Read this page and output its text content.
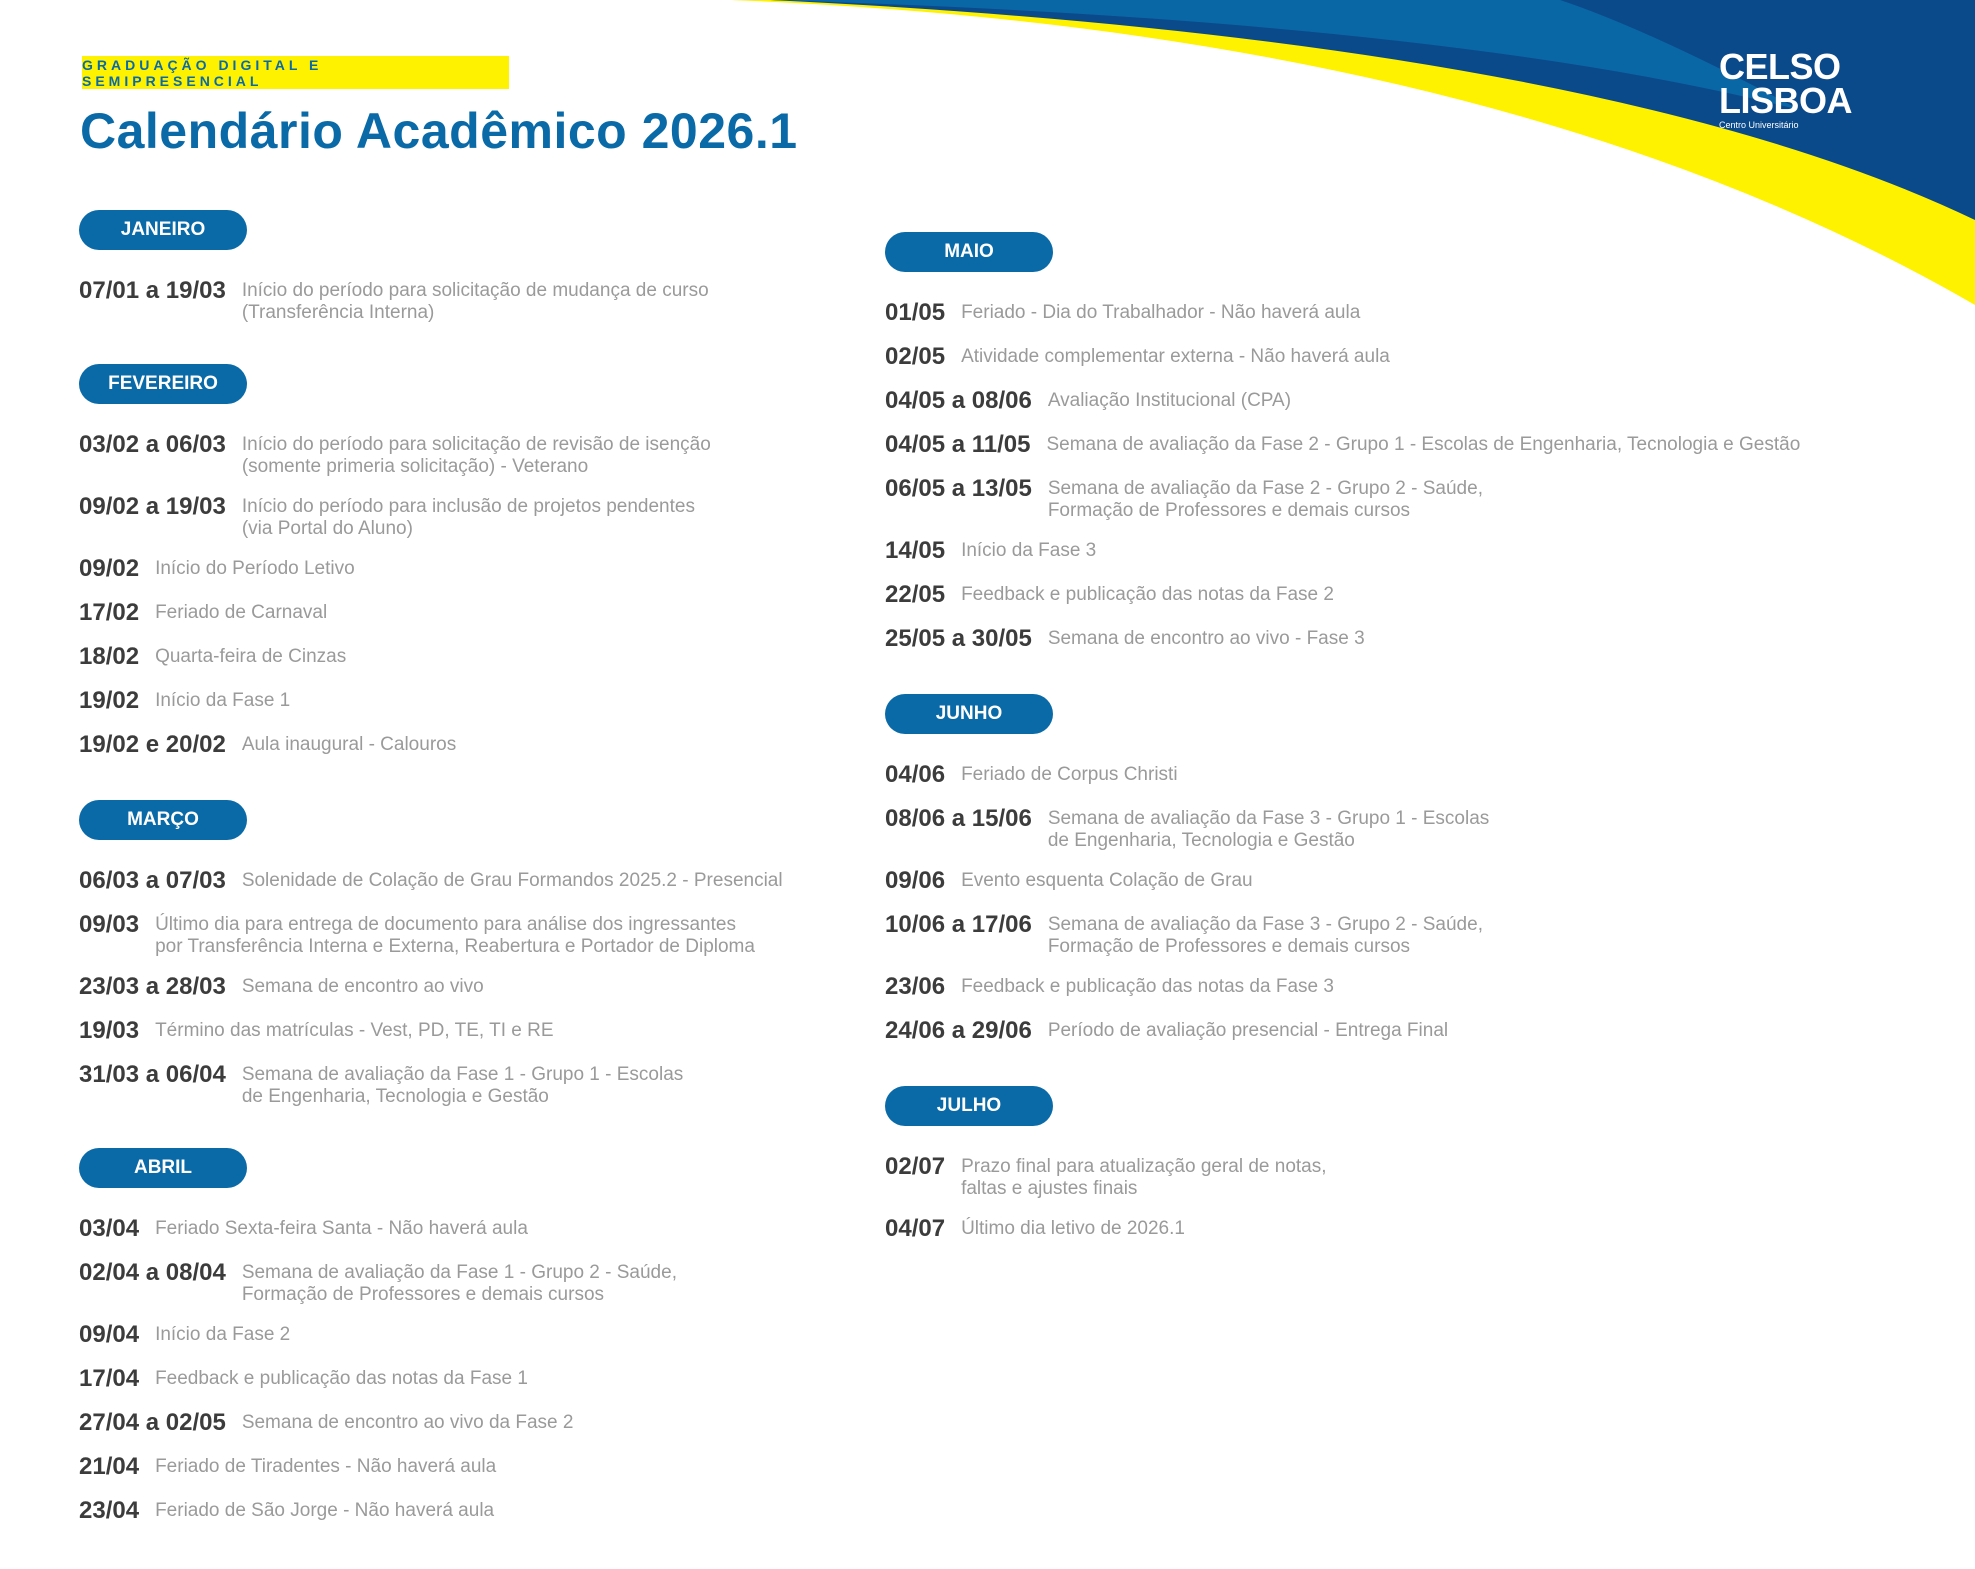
GRADUAÇÃO DIGITAL E SEMIPRESENCIAL
Calendário Acadêmico 2026.1
CELSO
LISBOA
Centro Universitário
JANEIRO
07/01 a 19/03 Início do período para solicitação de mudança de curso
(Transferência Interna)
FEVEREIRO
03/02 a 06/03 Início do período para solicitação de revisão de isenção
(somente primeria solicitação) - Veterano
09/02 a 19/03 Início do período para inclusão de projetos pendentes
(via Portal do Aluno)
09/02 Início do Período Letivo
17/02 Feriado de Carnaval
18/02 Quarta-feira de Cinzas
19/02 Início da Fase 1
19/02 e 20/02 Aula inaugural - Calouros
MARÇO
06/03 a 07/03 Solenidade de Colação de Grau Formandos 2025.2 - Presencial
09/03 Último dia para entrega de documento para análise dos ingressantes
por Transferência Interna e Externa, Reabertura e Portador de Diploma
23/03 a 28/03 Semana de encontro ao vivo
19/03 Término das matrículas - Vest, PD, TE, TI e RE
31/03 a 06/04 Semana de avaliação da Fase 1 - Grupo 1 - Escolas
de Engenharia, Tecnologia e Gestão
ABRIL
03/04 Feriado Sexta-feira Santa - Não haverá aula
02/04 a 08/04 Semana de avaliação da Fase 1 - Grupo 2 - Saúde,
Formação de Professores e demais cursos
09/04 Início da Fase 2
17/04 Feedback e publicação das notas da Fase 1
27/04 a 02/05 Semana de encontro ao vivo da Fase 2
21/04 Feriado de Tiradentes - Não haverá aula
23/04 Feriado de São Jorge - Não haverá aula
MAIO
01/05 Feriado - Dia do Trabalhador - Não haverá aula
02/05 Atividade complementar externa - Não haverá aula
04/05 a 08/06 Avaliação Institucional (CPA)
04/05 a 11/05 Semana de avaliação da Fase 2 - Grupo 1 - Escolas de Engenharia, Tecnologia e Gestão
06/05 a 13/05 Semana de avaliação da Fase 2 - Grupo 2 - Saúde,
Formação de Professores e demais cursos
14/05 Início da Fase 3
22/05 Feedback e publicação das notas da Fase 2
25/05 a 30/05 Semana de encontro ao vivo - Fase 3
JUNHO
04/06 Feriado de Corpus Christi
08/06 a 15/06 Semana de avaliação da Fase 3 - Grupo 1 - Escolas
de Engenharia, Tecnologia e Gestão
09/06 Evento esquenta Colação de Grau
10/06 a 17/06 Semana de avaliação da Fase 3 - Grupo 2 - Saúde,
Formação de Professores e demais cursos
23/06 Feedback e publicação das notas da Fase 3
24/06 a 29/06 Período de avaliação presencial - Entrega Final
JULHO
02/07 Prazo final para atualização geral de notas,
faltas e ajustes finais
04/07 Último dia letivo de 2026.1
